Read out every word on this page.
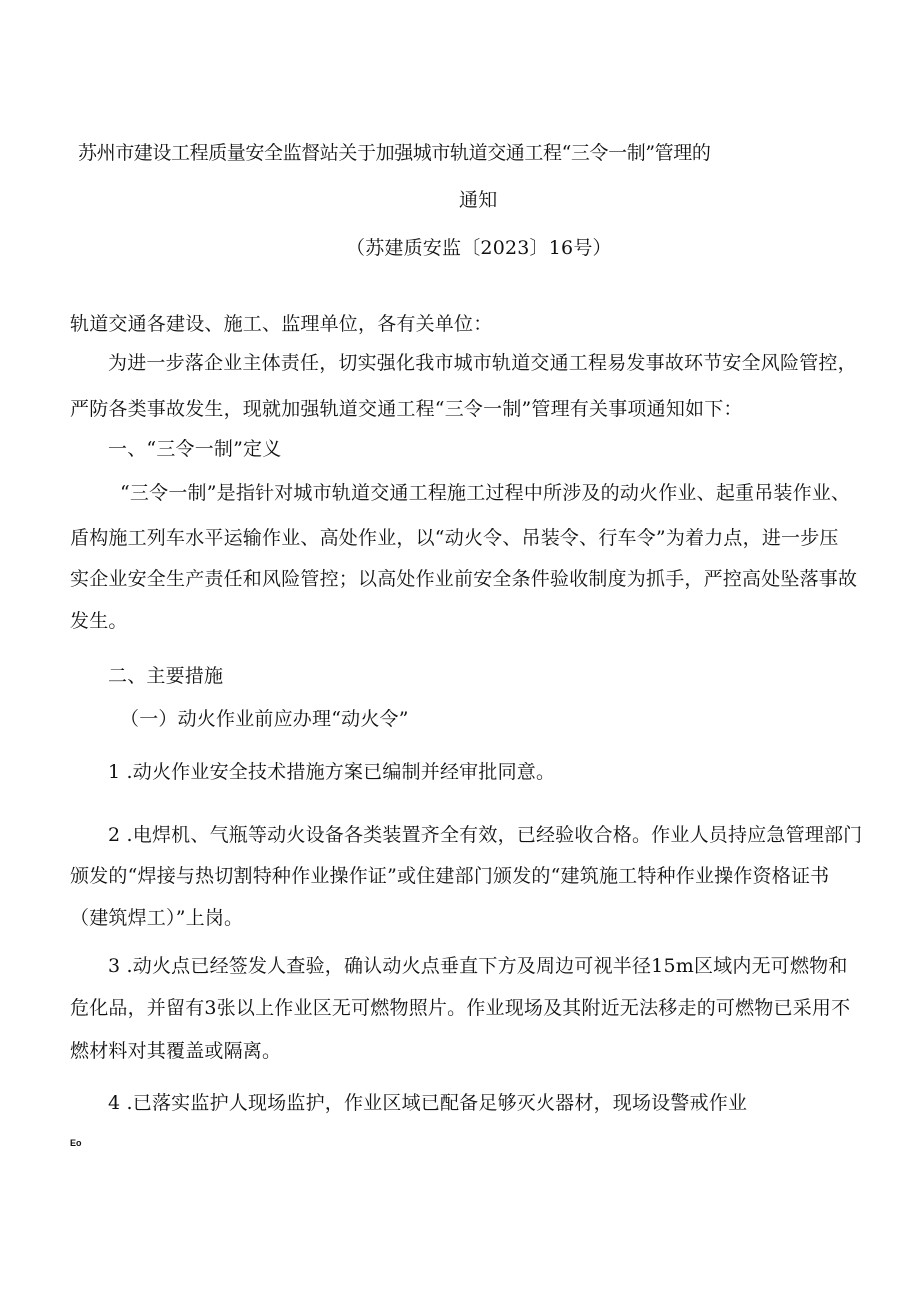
苏州市建设工程质量安全监督站关于加强城市轨道交通工程“三令一制”管理的
通知
（苏建质安监〔2023〕16号）
轨道交通各建设、施工、监理单位，各有关单位：
为进一步落企业主体责任，切实强化我市城市轨道交通工程易发事故环节安全风险管控，
严防各类事故发生，现就加强轨道交通工程“三令一制”管理有关事项通知如下：
一、“三令一制”定义
“三令一制”是指针对城市轨道交通工程施工过程中所涉及的动火作业、起重吊装作业、
盾构施工列车水平运输作业、高处作业，以“动火令、吊装令、行车令”为着力点，进一步压
实企业安全生产责任和风险管控；以高处作业前安全条件验收制度为抓手，严控高处坠落事故
发生。
二、主要措施
（一）动火作业前应办理“动火令”
1 .动火作业安全技术措施方案已编制并经审批同意。
2 .电焊机、气瓶等动火设备各类装置齐全有效，已经验收合格。作业人员持应急管理部门
颁发的“焊接与热切割特种作业操作证”或住建部门颁发的“建筑施工特种作业操作资格证书
（建筑焊工）”上岗。
3 .动火点已经签发人查验，确认动火点垂直下方及周边可视半径15m区域内无可燃物和
危化品，并留有3张以上作业区无可燃物照片。作业现场及其附近无法移走的可燃物已采用不
燃材料对其覆盖或隔离。
4 .已落实监护人现场监护，作业区域已配备足够灭火器材，现场设警戒作业
Eo
